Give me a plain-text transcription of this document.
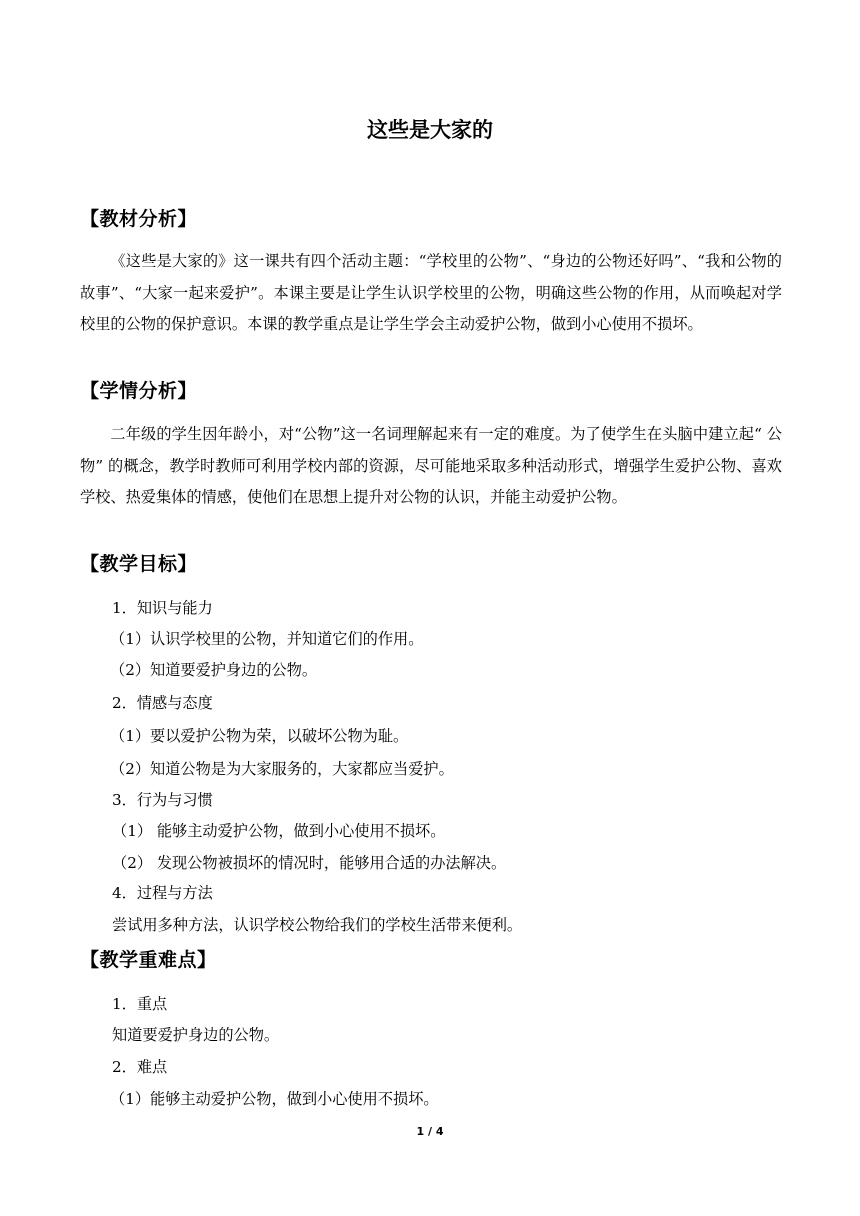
这些是大家的
【教材分析】
《这些是大家的》这一课共有四个活动主题：“学校里的公物”、“身边的公物还好吗”、“我和公物的故事”、“大家一起来爱护”。本课主要是让学生认识学校里的公物，明确这些公物的作用，从而唤起对学校里的公物的保护意识。本课的教学重点是让学生学会主动爱护公物，做到小心使用不损坏。
【学情分析】
二年级的学生因年龄小，对“公物”这一名词理解起来有一定的难度。为了使学生在头脑中建立起“ 公物” 的概念，教学时教师可利用学校内部的资源，尽可能地采取多种活动形式，增强学生爱护公物、喜欢学校、热爱集体的情感，使他们在思想上提升对公物的认识，并能主动爱护公物。
【教学目标】
1．知识与能力
（1）认识学校里的公物，并知道它们的作用。
（2）知道要爱护身边的公物。
2．情感与态度
（1）要以爱护公物为荣，以破坏公物为耻。
（2）知道公物是为大家服务的，大家都应当爱护。
3．行为与习惯
（1） 能够主动爱护公物，做到小心使用不损坏。
（2） 发现公物被损坏的情况时，能够用合适的办法解决。
4．过程与方法
尝试用多种方法，认识学校公物给我们的学校生活带来便利。
【教学重难点】
1．重点
知道要爱护身边的公物。
2．难点
（1）能够主动爱护公物，做到小心使用不损坏。
1 / 4
